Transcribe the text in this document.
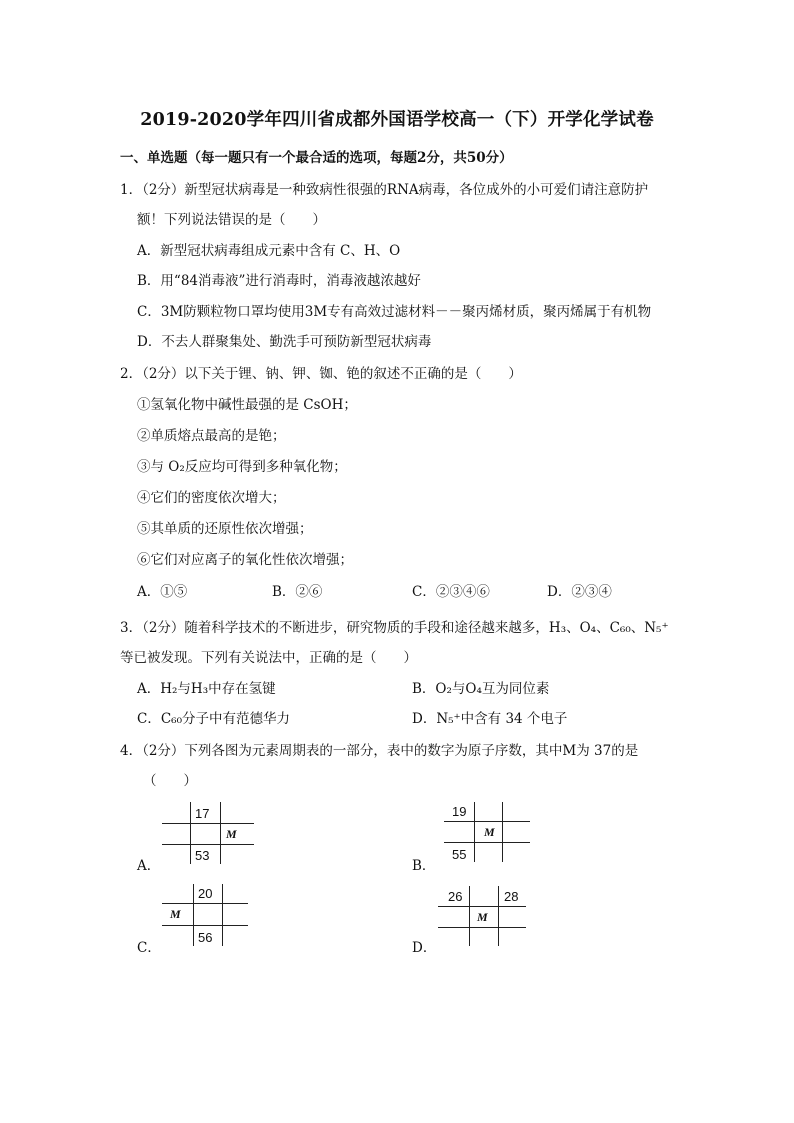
2019-2020学年四川省成都外国语学校高一（下）开学化学试卷
一、单选题（每一题只有一个最合适的选项，每题2分，共50分）
1．（2分）新型冠状病毒是一种致病性很强的RNA病毒，各位成外的小可爱们请注意防护
额！下列说法错误的是（　　）
A．新型冠状病毒组成元素中含有 C、H、O
B．用“84消毒液”进行消毒时，消毒液越浓越好
C．3M防颗粒物口罩均使用3M专有高效过滤材料－－聚丙烯材质，聚丙烯属于有机物
D．不去人群聚集处、勤洗手可预防新型冠状病毒
2．（2分）以下关于锂、钠、钾、铷、铯的叙述不正确的是（　　）
①氢氧化物中碱性最强的是 CsOH；
②单质熔点最高的是铯；
③与 O₂反应均可得到多种氧化物；
④它们的密度依次增大；
⑤其单质的还原性依次增强；
⑥它们对应离子的氧化性依次增强；
A．①⑤	B．②⑥	C．②③④⑥	D．②③④
3．（2分）随着科学技术的不断进步，研究物质的手段和途径越来越多，H₃、O₄、C₆₀、N₅⁺
等已被发现。下列有关说法中，正确的是（　　）
A．H₂与H₃中存在氢键	B．O₂与O₄互为同位素
C．C₆₀分子中有范德华力	D．N₅⁺中含有 34 个电子
4．（2分）下列各图为元素周期表的一部分，表中的数字为原子序数，其中M为 37的是
（　　）
A．	B．
C．	D．
17
M
53
19
M
55
20
M
56
26
M
28
